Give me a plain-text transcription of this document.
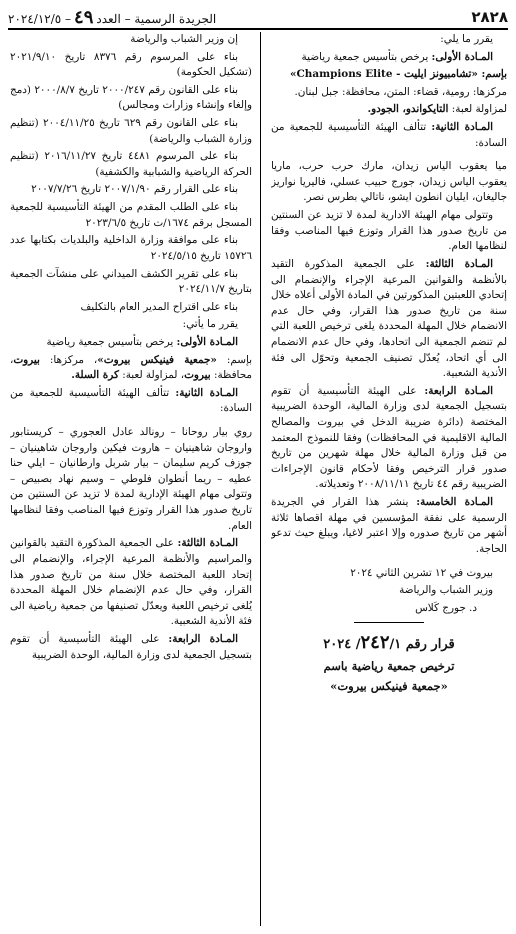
٢٨٢٨
الجريدة الرسمية – العدد٤٩– ٢٠٢٤/١٢/٥

يقرر ما يلي:

المـادة الأولى: يرخص بتأسيس جمعية رياضية

بإسم: «تشامبيونز ايليت - Champions Elite»

مركزها: رومية، قضاء: المتن، محافظة: جبل لبنان.

لمزاولة لعبة: التايكواندو، الجودو.

المـادة الثانية: تتألف الهيئة التأسيسية للجمعية من السادة:

ميا يعقوب الياس زيدان، مارك حرب حرب، ماريا يعقوب الياس زيدان، جورج حبيب عسلي، فاليريا نواريز جاليغان، ايليان انطون ايشو، ناتالي بطرس نصر.

وتتولى مهام الهيئة الادارية لمدة لا تزيد عن السنتين من تاريخ صدور هذا القرار وتوزع فيها المناصب وفقا لنظامها العام.

المـادة الثالثة: على الجمعية المذكورة التقيد بالأنظمة والقوانين المرعية الإجراء والإنضمام الى إتحادي اللعبتين المذكورتين في المادة الأولى أعلاه خلال سنة من تاريخ صدور هذا القرار، وفي حال عدم الانضمام خلال المهلة المحددة يلغى ترخيص اللعبة التي لم تنضم الجمعية الى اتحادها، وفي حال عدم الانضمام الى أي اتحاد، يُعدّل تصنيف الجمعية وتحوّل الى فئة الأندية الشعبية.

المـادة الرابعة: على الهيئة التأسيسية أن تقوم بتسجيل الجمعية لدى وزارة المالية، الوحدة الضريبية المختصة (دائرة ضريبة الدخل في بيروت والمصالح المالية الاقليمية في المحافظات) وفقا للنموذج المعتمد من قبل وزارة المالية خلال مهلة شهرين من تاريخ صدور قرار الترخيص وفقا لأحكام قانون الإجراءات الضريبية رقم ٤٤ تاريخ ٢٠٠٨/١١/١١ وتعديلاته.

المـادة الخامسة: ينشر هذا القرار في الجريدة الرسمية على نفقة المؤسسين في مهلة اقصاها ثلاثة أشهر من تاريخ صدوره وإلا اعتبر لاغيا، ويبلغ حيث تدعو الحاجة.

بيروت في ١٢ تشرين الثاني ٢٠٢٤

وزير الشباب والرياضة

د. جورج كَلاس

قرار رقم ٢٤٢/١/ ٢٠٢٤

ترخيص جمعية رياضية باسم

«جمعية فينيكس بيروت»

إن وزير الشباب والرياضة

بناء على المرسوم رقم ٨٣٧٦ تاريخ ٢٠٢١/٩/١٠ (تشكيل الحكومة)

بناء على القانون رقم ٢٠٠٠/٢٤٧ تاريخ ٢٠٠٠/٨/٧ (دمج وإلغاء وإنشاء وزارات ومجالس)

بناء على القانون رقم ٦٢٩ تاريخ ٢٠٠٤/١١/٢٥ (تنظيم وزارة الشباب والرياضة)

بناء على المرسوم ٤٤٨١ تاريخ ٢٠١٦/١١/٢٧ (تنظيم الحركة الرياضية والشبابية والكشفية)

بناء على القرار رقم ٢٠٠٧/١/٩٠ تاريخ ٢٠٠٧/٧/٢٦

بناء على الطلب المقدم من الهيئة التأسيسية للجمعية المسجل برقم ١٦٧٤/ت تاريخ ٢٠٢٣/٦/٥

بناء على موافقة وزارة الداخلية والبلديات بكتابها عدد ١٥٧٢٦ تاريخ ٢٠٢٤/٥/١٥

بناء على تقرير الكشف الميداني على منشآت الجمعية بتاريخ ٢٠٢٤/١١/٧

بناء على اقتراح المدير العام بالتكليف

يقرر ما يأتي:

المـادة الأولى: يرخص بتأسيس جمعية رياضية

بإسم: «جمعية فينيكس بيروت»، مركزها: بيروت، محافظة: بيروت، لمزاولة لعبة: كرة السلة.

المـادة الثانية: تتألف الهيئة التأسيسية للجمعية من السادة:

روي بيار روحانا – رونالد عادل العجوري – كريستابور واروجان شاهينيان – هاروت فيكين واروجان شاهينيان – جوزف كريم سليمان – بيار شربل وارطانيان – ايلي حنا عطيه – ريما أنطوان فلوطي – وسيم نهاد بصبيص – وتتولى مهام الهيئة الإدارية لمدة لا تزيد عن السنتين من تاريخ صدور هذا القرار وتوزع فيها المناصب وفقا لنظامها العام.

المـادة الثالثة: على الجمعية المذكورة التقيد بالقوانين والمراسيم والأنظمة المرعية الإجراء، والإنضمام الى إتحاد اللعبة المختصة خلال سنة من تاريخ صدور هذا القرار، وفي حال عدم الإنضمام خلال المهلة المحددة يُلغى ترخيص اللعبة ويعدّل تصنيفها من جمعية رياضية الى فئة الأندية الشعبية.

المـادة الرابعة: على الهيئة التأسيسية أن تقوم بتسجيل الجمعية لدى وزارة المالية، الوحدة الضريبية
